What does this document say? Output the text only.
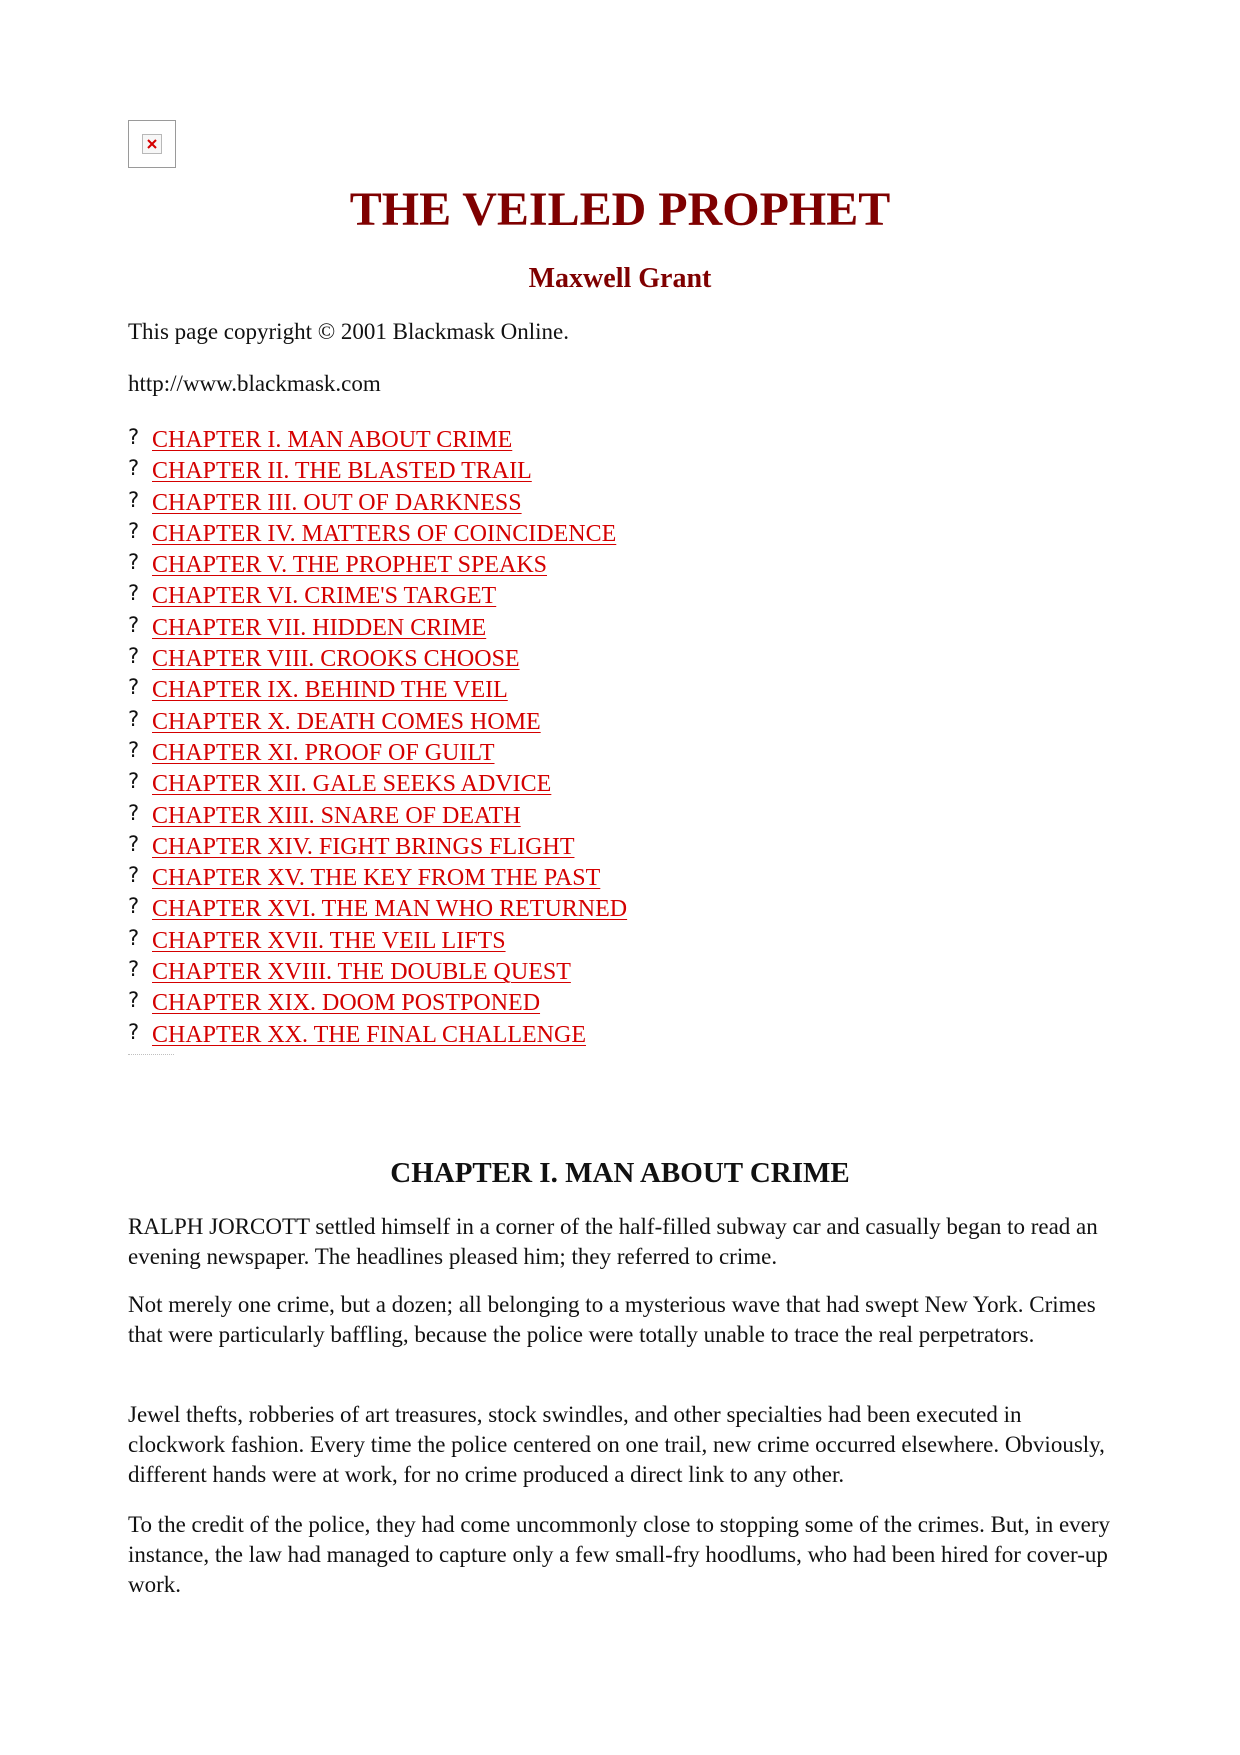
THE VEILED PROPHET
Maxwell Grant

This page copyright © 2001 Blackmask Online.

http://www.blackmask.com

? CHAPTER I. MAN ABOUT CRIME
? CHAPTER II. THE BLASTED TRAIL
? CHAPTER III. OUT OF DARKNESS
? CHAPTER IV. MATTERS OF COINCIDENCE
? CHAPTER V. THE PROPHET SPEAKS
? CHAPTER VI. CRIME'S TARGET
? CHAPTER VII. HIDDEN CRIME
? CHAPTER VIII. CROOKS CHOOSE
? CHAPTER IX. BEHIND THE VEIL
? CHAPTER X. DEATH COMES HOME
? CHAPTER XI. PROOF OF GUILT
? CHAPTER XII. GALE SEEKS ADVICE
? CHAPTER XIII. SNARE OF DEATH
? CHAPTER XIV. FIGHT BRINGS FLIGHT
? CHAPTER XV. THE KEY FROM THE PAST
? CHAPTER XVI. THE MAN WHO RETURNED
? CHAPTER XVII. THE VEIL LIFTS
? CHAPTER XVIII. THE DOUBLE QUEST
? CHAPTER XIX. DOOM POSTPONED
? CHAPTER XX. THE FINAL CHALLENGE
CHAPTER I. MAN ABOUT CRIME

RALPH JORCOTT settled himself in a corner of the half-filled subway car and casually began to read an evening newspaper. The headlines pleased him; they referred to crime.

Not merely one crime, but a dozen; all belonging to a mysterious wave that had swept New York. Crimes that were particularly baffling, because the police were totally unable to trace the real perpetrators.

Jewel thefts, robberies of art treasures, stock swindles, and other specialties had been executed in clockwork fashion. Every time the police centered on one trail, new crime occurred elsewhere. Obviously, different hands were at work, for no crime produced a direct link to any other.

To the credit of the police, they had come uncommonly close to stopping some of the crimes. But, in every instance, the law had managed to capture only a few small-fry hoodlums, who had been hired for cover-up work.
